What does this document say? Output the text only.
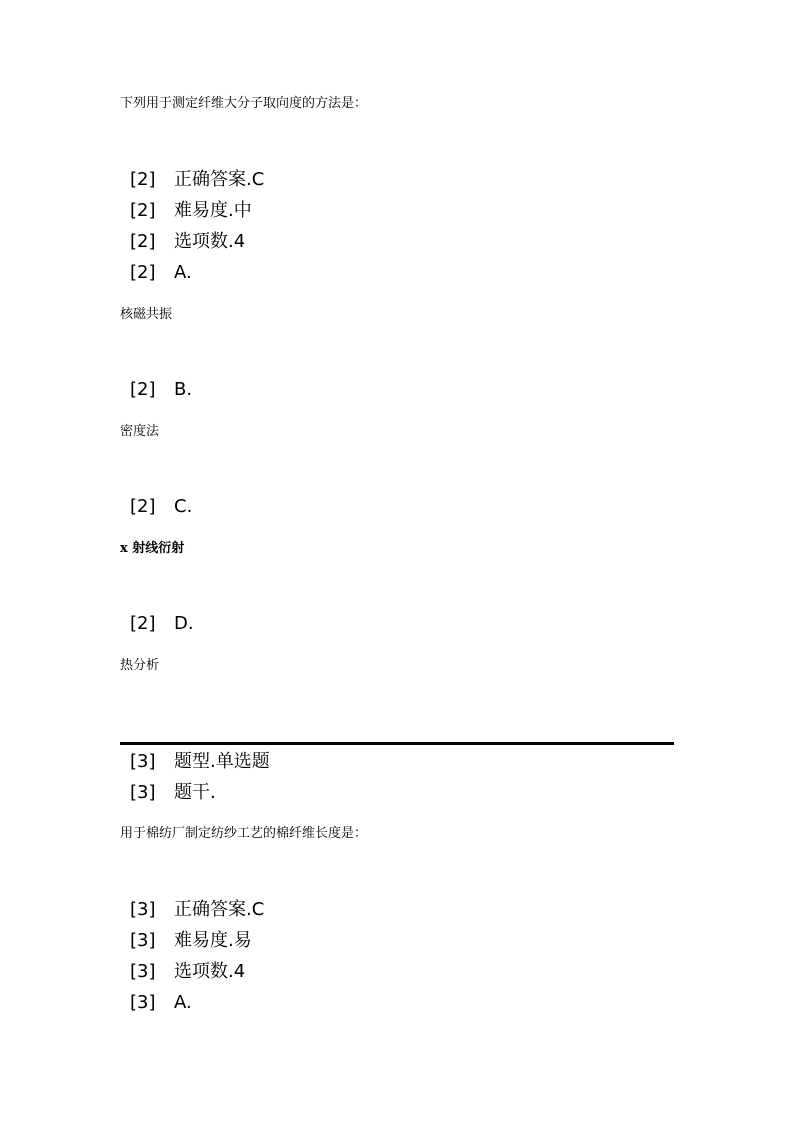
下列用于测定纤维大分子取向度的方法是：
[2] 正确答案.C
[2] 难易度.中
[2] 选项数.4
[2] A.
核磁共振
[2] B.
密度法
[2] C.
x 射线衍射
[2] D.
热分析
[3] 题型.单选题
[3] 题干.
用于棉纺厂制定纺纱工艺的棉纤维长度是：
[3] 正确答案.C
[3] 难易度.易
[3] 选项数.4
[3] A.
